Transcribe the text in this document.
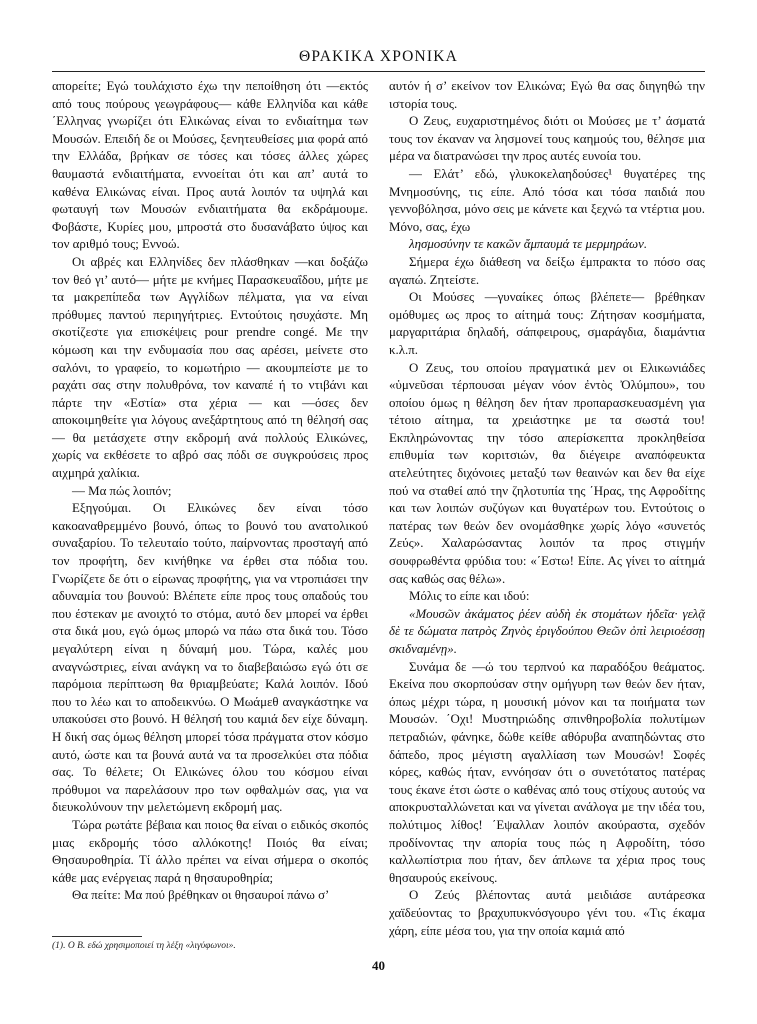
ΘΡΑΚΙΚΑ ΧΡΟΝΙΚΑ

απορείτε; Εγώ τουλάχιστο έχω την πεποίθηση ότι —εκτός από τους πούρους γεωγράφους— κάθε Ελληνίδα και κάθε ΄Ελληνας γνωρίζει ότι Ελικώνας είναι το ενδιαίτημα των Μουσών. Επειδή δε οι Μούσες, ξενητευθείσες μια φορά από την Ελλάδα, βρήκαν σε τόσες και τόσες άλλες χώρες θαυμαστά ενδιαιτήματα, εννοείται ότι και απ’ αυτά το καθένα Ελικώνας είναι. Προς αυτά λοιπόν τα υψηλά και φωταυγή των Μουσών ενδιαιτήματα θα εκδράμουμε. Φοβάστε, Κυρίες μου, μπροστά στο δυσανάβατο ύψος και τον αριθμό τους; Εννοώ.

Οι αβρές και Ελληνίδες δεν πλάσθηκαν —και δοξάζω τον θεό γι’ αυτό— μήτε με κνήμες Παρασκευαΐδου, μήτε με τα μακρεπίπεδα των Αγγλίδων πέλματα, για να είναι πρόθυμες παντού περιηγήτριες. Εντούτοις ησυχάστε. Μη σκοτίζεστε για επισκέψεις pour prendre congé. Με την κόμωση και την ενδυμασία που σας αρέσει, μείνετε στο σαλόνι, το γραφείο, το κομωτήριο — ακουμπείστε με το ραχάτι σας στην πολυθρόνα, τον καναπέ ή το ντιβάνι και πάρτε την «Εστία» στα χέρια — και —όσες δεν αποκοιμηθείτε για λόγους ανεξάρτητους από τη θέλησή σας— θα μετάσχετε στην εκδρομή ανά πολλούς Ελικώνες, χωρίς να εκθέσετε το αβρό σας πόδι σε συγκρούσεις προς αιχμηρά χαλίκια.

— Μα πώς λοιπόν;

Εξηγούμαι. Οι Ελικώνες δεν είναι τόσο κακοαναθρεμμένο βουνό, όπως το βουνό του ανατολικού συναξαρίου. Το τελευταίο τούτο, παίρνοντας προσταγή από τον προφήτη, δεν κινήθηκε να έρθει στα πόδια του. Γνωρίζετε δε ότι ο είρωνας προφήτης, για να ντροπιάσει την αδυναμία του βουνού: Βλέπετε είπε προς τους οπαδούς του που έστεκαν με ανοιχτό το στόμα, αυτό δεν μπορεί να έρθει στα δικά μου, εγώ όμως μπορώ να πάω στα δικά του. Τόσο μεγαλύτερη είναι η δύναμή μου. Τώρα, καλές μου αναγνώστριες, είναι ανάγκη να το διαβεβαιώσω εγώ ότι σε παρόμοια περίπτωση θα θριαμβεύατε; Καλά λοιπόν. Ιδού που το λέω και το αποδεικνύω. Ο Μωάμεθ αναγκάστηκε να υπακούσει στο βουνό. Η θέλησή του καμιά δεν είχε δύναμη. Η δική σας όμως θέληση μπορεί τόσα πράγματα στον κόσμο αυτό, ώστε και τα βουνά αυτά να τα προσελκύει στα πόδια σας. Το θέλετε; Οι Ελικώνες όλου του κόσμου είναι πρόθυμοι να παρελάσουν προ των οφθαλμών σας, για να διευκολύνουν την μελετώμενη εκδρομή μας.

Τώρα ρωτάτε βέβαια και ποιος θα είναι ο ειδικός σκοπός μιας εκδρομής τόσο αλλόκοτης! Ποιός θα είναι; Θησαυροθηρία. Τί άλλο πρέπει να είναι σήμερα ο σκοπός κάθε μας ενέργειας παρά η θησαυροθηρία;

Θα πείτε: Μα πού βρέθηκαν οι θησαυροί πάνω σ’

αυτόν ή σ’ εκείνον τον Ελικώνα; Εγώ θα σας διηγηθώ την ιστορία τους.

Ο Ζευς, ευχαριστημένος διότι οι Μούσες με τ’ άσματά τους τον έκαναν να λησμονεί τους καημούς του, θέλησε μια μέρα να διατρανώσει την προς αυτές ευνοία του.

— Ελάτ’ εδώ, γλυκοκελαηδούσες¹ θυγατέρες της Μνημοσύνης, τις είπε. Από τόσα και τόσα παιδιά που γεννοβόλησα, μόνο σεις με κάνετε και ξεχνώ τα ντέρτια μου. Μόνο, σας, έχω

λησμοσύνην τε κακῶν ἄμπαυμά τε μερμηράων.

Σήμερα έχω διάθεση να δείξω έμπρακτα το πόσο σας αγαπώ. Ζητείστε.

Οι Μούσες —γυναίκες όπως βλέπετε— βρέθηκαν ομόθυμες ως προς το αίτημά τους: Ζήτησαν κοσμήματα, μαργαριτάρια δηλαδή, σάπφειρους, σμαράγδια, διαμάντια κ.λ.π.

Ο Ζευς, του οποίου πραγματικά μεν οι Ελικωνιάδες «ὑμνεῦσαι τέρπουσαι μέγαν νόον ἐντὸς Ὀλύμπου», του οποίου όμως η θέληση δεν ήταν προπαρασκευασμένη για τέτοιο αίτημα, τα χρειάστηκε με τα σωστά του! Εκπληρώνοντας την τόσο απερίσκεπτα προκληθείσα επιθυμία των κοριτσιών, θα διέγειρε αναπόφευκτα ατελεύτητες διχόνοιες μεταξύ των θεαινών και δεν θα είχε πού να σταθεί από την ζηλοτυπία της ΄Ηρας, της Αφροδίτης και των λοιπών συζύγων και θυγατέρων του. Εντούτοις ο πατέρας των θεών δεν ονομάσθηκε χωρίς λόγο «συνετός Ζεύς». Χαλαρώσαντας λοιπόν τα προς στιγμήν σουφρωθέντα φρύδια του: «΄Εστω! Είπε. Ας γίνει το αίτημά σας καθώς σας θέλω».

Μόλις το είπε και ιδού:

«Μουσῶν ἀκάματος ῥέεν αὐδὴ ἐκ στομάτων ἡδεῖα· γελᾷ δὲ τε δώματα πατρὸς Ζηνὸς ἐριγδούπου Θεῶν ὀπὶ λειριοέσσῃ σκιδναμένῃ».

Συνάμα δε —ώ του τερπνού κα παραδόξου θεάματος. Εκείνα που σκορπούσαν στην ομήγυρη των θεών δεν ήταν, όπως μέχρι τώρα, η μουσική μόνον και τα ποιήματα των Μουσών. ΄Οχι! Μυστηριώδης σπινθηροβολία πολυτίμων πετραδιών, φάνηκε, δώθε κείθε αθόρυβα αναπηδώντας στο δάπεδο, προς μέγιστη αγαλλίαση των Μουσών! Σοφές κόρες, καθώς ήταν, εννόησαν ότι ο συνετότατος πατέρας τους έκανε έτσι ώστε ο καθένας από τους στίχους αυτούς να αποκρυσταλλώνεται και να γίνεται ανάλογα με την ιδέα του, πολύτιμος λίθος! ΄Εψαλλαν λοιπόν ακούραστα, σχεδόν προδίνοντας την απορία τους πώς η Αφροδίτη, τόσο καλλωπίστρια που ήταν, δεν άπλωνε τα χέρια προς τους θησαυρούς εκείνους.

Ο Ζεύς βλέποντας αυτά μειδιάσε αυτάρεσκα χαϊδεύοντας το βραχυπυκνόσγουρο γένι του. «Τις έκαμα χάρη, είπε μέσα του, για την οποία καμιά από

(1). Ο Β. εδώ χρησιμοποιεί τη λέξη «λιγύφωνοι».
40
